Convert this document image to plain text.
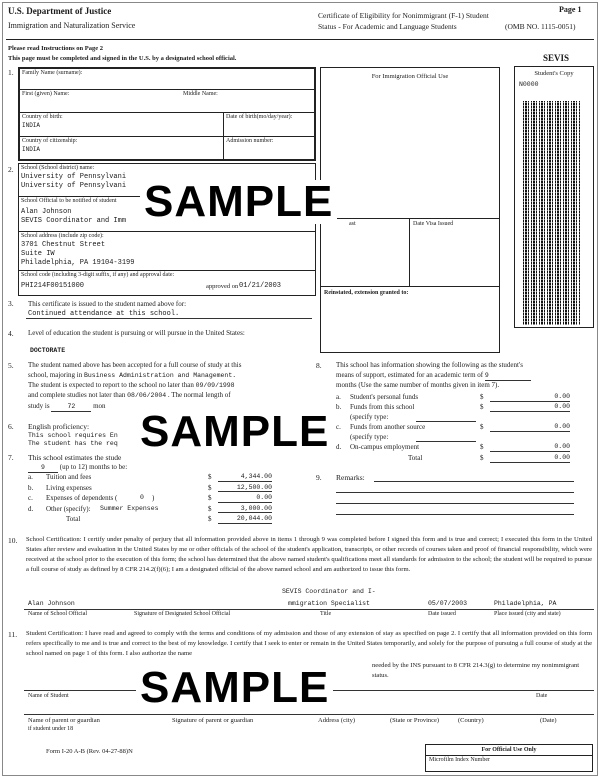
U.S. Department of Justice
Immigration and Naturalization Service
Certificate of Eligibility for Nonimmigrant (F-1) Student
Status - For Academic and Language Students	(OMB NO. 1115-0051)
Page 1
Please read Instructions on Page 2
This page must be completed and signed in the U.S. by a designated school official.	SEVIS
Student's Copy
N0000
1. Family Name (surname):
First (given) Name:	Middle Name:
Country of birth:
INDIA
Date of birth(mo/day/year):
Country of citizenship:
INDIA
Admission number:
For Immigration Official Use
ast	Date Visa Issued
Reinstated, extension granted to:
2. School (School district) name:
University of Pennsylvani
University of Pennsylvani
School Official to be notified of student
Alan Johnson
SEVIS Coordinator and Imm
School address (include zip code):
3701 Chestnut Street
Suite IW
Philadelphia, PA 19104-3199
School code (including 3-digit suffix, if any) and approval date:
PHI214F00151000	approved on 01/21/2003
3. This certificate is issued to the student named above for:
Continued attendance at this school.
4. Level of education the student is pursuing or will pursue in the United States:
DOCTORATE
5. The student named above has been accepted for a full course of study at this
school, majoring in Business Administration and Management.
The student is expected to report to the school no later than 09/09/1998
and complete studies not later than 08/06/2004 . The normal length of
study is	72	mon
6. English proficiency:
This school requires En
The student has the req
7. This school estimates the stude
9 (up to 12) months to be:
a. Tuition and fees	$	4,344.00
b. Living expenses	$	12,500.00
c. Expenses of dependents (	0 )	$	0.00
d. Other (specify): Summer Expenses	$	3,000.00
Total	$	20,044.00
8. This school has information showing the following as the student's
means of support, estimated for an academic term of 9
months (Use the same number of months given in item 7).
a. Student's personal funds	$	0.00
b. Funds from this school	$	0.00
(specify type:
c. Funds from another source	$	0.00
(specify type:
d. On-campus employment	$	0.00
Total	$	0.00
9. Remarks:
10. School Certification: I certify under penalty of perjury that all information provided above in items 1 through 9 was completed before I signed this form and is true and correct; I executed this form in the United States after review and evaluation in the United States by me or other officials of the school of the student's application, transcripts, or other records of courses taken and proof of financial responsibility, which were received at the school prior to the execution of this form; the school has determined that the above named student's qualifications meet all standards for admission to the school; the student will be required to pursue a full course of study as defined by 8 CFR 214.2(f)(6); I am a designated official of the above named school and am authorized to issue this form.
Alan Johnson
SEVIS Coordinator and I-
mmigration Specialist	05/07/2003	Philadelphia, PA
Name of School Official	Signature of Designated School Official	Title	Date issued	Place issued (city and state)
11. Student Certification: I have read and agreed to comply with the terms and conditions of my admission and those of any extension of stay as specified on page 2. I certify that all information provided on this form refers specifically to me and is true and correct to the best of my knowledge. I certify that I seek to enter or remain in the United States temporarily, and solely for the purpose of pursuing a full course of study at the school named on page 1 of this form. I also authorize the name
needed by the INS pursuant to 8 CFR 214.3(g) to determine my nonimmigrant status.
Name of Student	Date
Name of parent or guardian
if student under 18
Signature of parent or guardian	Address (city)	(State or Province)	(Country)	(Date)
Form I-20 A-B (Rev. 04-27-88)N	For Official Use Only
Microfilm Index Number
SAMPLE
SAMPLE
SAMPLE
